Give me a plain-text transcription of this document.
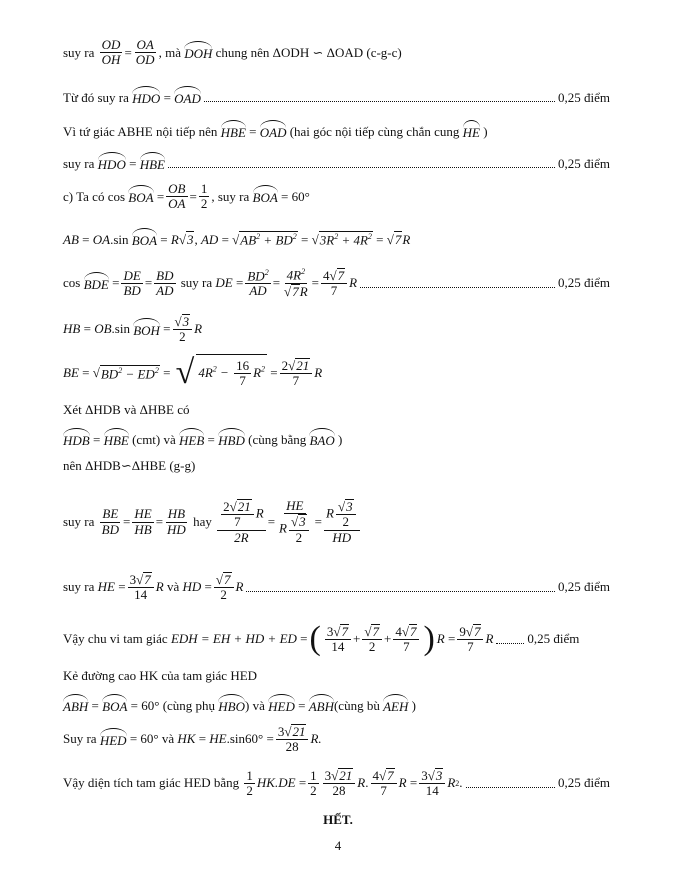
suy ra

OD
OH =
OA
OD , mà
DOH
chung nên ΔODH ∽ ΔOAD (c-g-c)
Từ đó suy ra
HDO = OAD	0,25 điểm
Vì tứ giác ABHE nội tiếp nên
HBE = OAD
(hai góc nội tiếp cùng chắn cung
HE )
suy ra
HDO = HBE	0,25 điểm
c) Ta có cos BOA =
OB
OA =
1
2 , suy ra
BOA = 60°
AB = OA .sin BOA = R √ 3 , AD = √ $AB^2 + BD^2$ = √ $3R^2 + 4R^2$ = √ 7 R
cos
BDE =
DE
BD =
BD
AD
suy ra
DE =
$BD^2$
AD
=
$4R^2$
√7R
= 4√7
7
R	0,25 điểm
HB = OB .sin BOH = √3
2
R
BE = √ $BD^2 - ED^2$ = √ $4R^2 - \frac{16}{7} R^2 = 2√21$
7
R
Xét ΔHDB và ΔHBE có
HDB = HBE
(cmt) và
HEB = HBD
(cùng bằng
BAO )
nên ΔHDB∽ΔHBE (g-g)
suy ra

BE
BD =
HE
HB =
HB
HD
hay
$\frac{2√21}{7}$ R
2R
=
HE
R $\frac{√3}{2}$ =
R $\frac{√3}{2}$
HD
suy ra
HE = 3√7
14
R
và
HD = √7
2
R	0,25 điểm
Vậy chu vi tam giác
EDH = EH + HD + ED = ( 3√7
14
+ √7
2
+ 4√7
7 ) R = 9√7
7
R	0,25 điểm
Kẻ đường cao HK của tam giác HED
ABH = BOA = 60° (cùng phụ
HBO ) và
HED = ABH (cùng bù
AEH )
Suy ra
HED = 60° và
HK = HE .sin60° = 3√21
28
R.
Vậy diện tích tam giác HED bằng

1
2 HK.DE =
1
2
3√21
28
R . 4√7
7
R = 3√3
14
R 2 .	0,25 điểm
HẾT.
4
